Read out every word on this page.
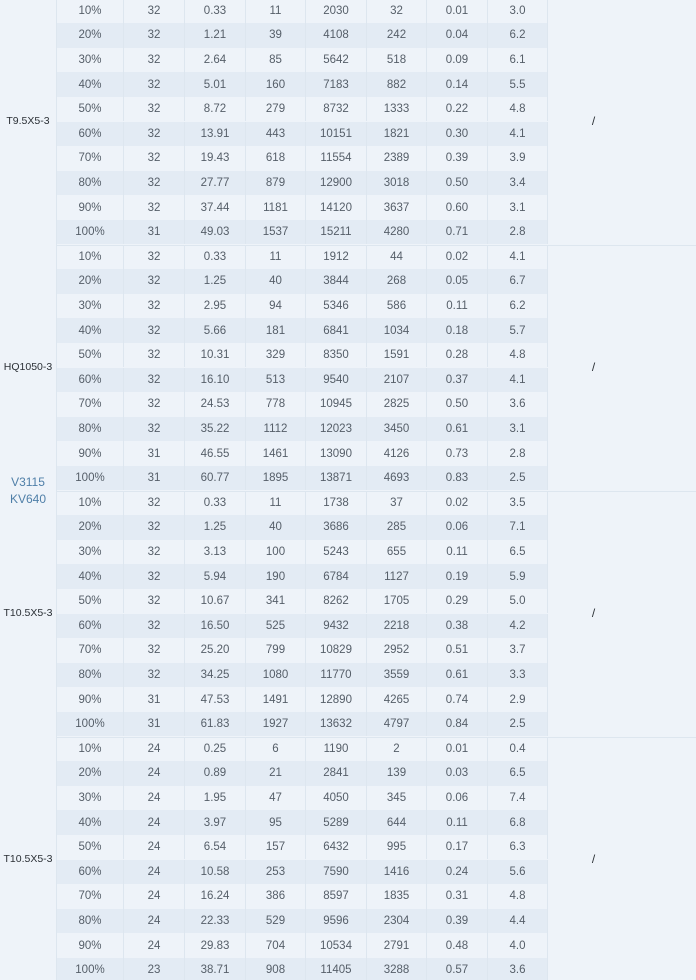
V3115
KV640
T9.5X5-3	/
10%	32	0.33	11	2030	32	0.01	3.0
20%	32	1.21	39	4108	242	0.04	6.2
30%	32	2.64	85	5642	518	0.09	6.1
40%	32	5.01	160	7183	882	0.14	5.5
50%	32	8.72	279	8732	1333	0.22	4.8
60%	32	13.91	443	10151	1821	0.30	4.1
70%	32	19.43	618	11554	2389	0.39	3.9
80%	32	27.77	879	12900	3018	0.50	3.4
90%	32	37.44	1181	14120	3637	0.60	3.1
100%	31	49.03	1537	15211	4280	0.71	2.8
HQ1050-3	/
10%	32	0.33	11	1912	44	0.02	4.1
20%	32	1.25	40	3844	268	0.05	6.7
30%	32	2.95	94	5346	586	0.11	6.2
40%	32	5.66	181	6841	1034	0.18	5.7
50%	32	10.31	329	8350	1591	0.28	4.8
60%	32	16.10	513	9540	2107	0.37	4.1
70%	32	24.53	778	10945	2825	0.50	3.6
80%	32	35.22	1112	12023	3450	0.61	3.1
90%	31	46.55	1461	13090	4126	0.73	2.8
100%	31	60.77	1895	13871	4693	0.83	2.5
T10.5X5-3	/
10%	32	0.33	11	1738	37	0.02	3.5
20%	32	1.25	40	3686	285	0.06	7.1
30%	32	3.13	100	5243	655	0.11	6.5
40%	32	5.94	190	6784	1127	0.19	5.9
50%	32	10.67	341	8262	1705	0.29	5.0
60%	32	16.50	525	9432	2218	0.38	4.2
70%	32	25.20	799	10829	2952	0.51	3.7
80%	32	34.25	1080	11770	3559	0.61	3.3
90%	31	47.53	1491	12890	4265	0.74	2.9
100%	31	61.83	1927	13632	4797	0.84	2.5
T10.5X5-3	/
10%	24	0.25	6	1190	2	0.01	0.4
20%	24	0.89	21	2841	139	0.03	6.5
30%	24	1.95	47	4050	345	0.06	7.4
40%	24	3.97	95	5289	644	0.11	6.8
50%	24	6.54	157	6432	995	0.17	6.3
60%	24	10.58	253	7590	1416	0.24	5.6
70%	24	16.24	386	8597	1835	0.31	4.8
80%	24	22.33	529	9596	2304	0.39	4.4
90%	24	29.83	704	10534	2791	0.48	4.0
100%	23	38.71	908	11405	3288	0.57	3.6
